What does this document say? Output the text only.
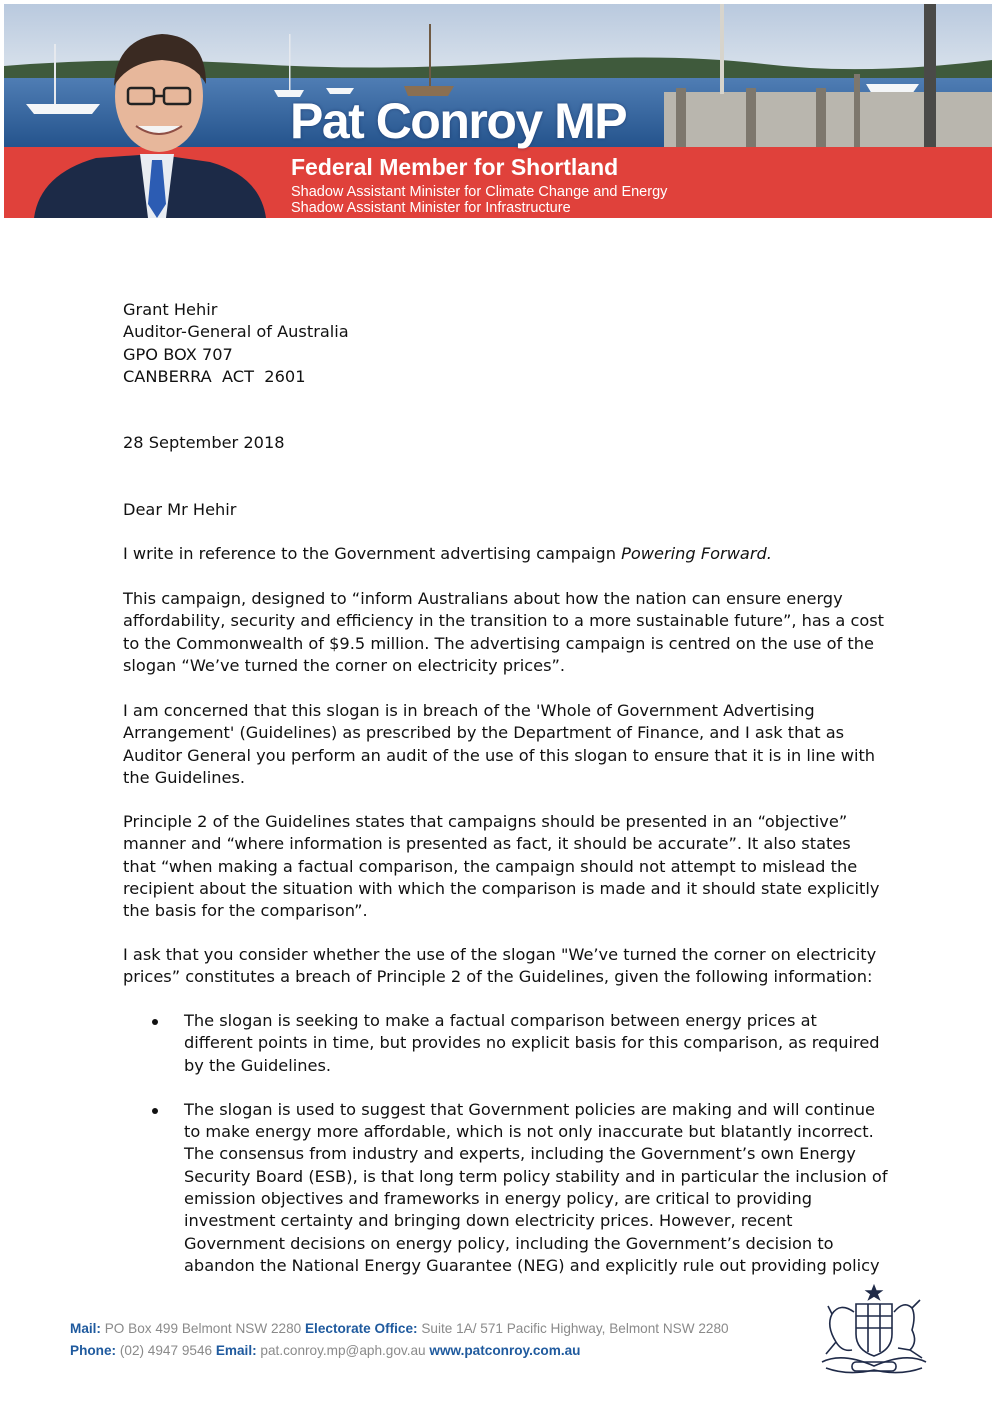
Pat Conroy MP
Federal Member for Shortland
Shadow Assistant Minister for Climate Change and Energy
Shadow Assistant Minister for Infrastructure
Grant Hehir
Auditor-General of Australia
GPO BOX 707
CANBERRA  ACT  2601
28 September 2018
Dear Mr Hehir

I write in reference to the Government advertising campaign Powering Forward.

This campaign, designed to “inform Australians about how the nation can ensure energy affordability, security and efficiency in the transition to a more sustainable future”, has a cost to the Commonwealth of $9.5 million. The advertising campaign is centred on the use of the slogan “We’ve turned the corner on electricity prices”.

I am concerned that this slogan is in breach of the 'Whole of Government Advertising Arrangement' (Guidelines) as prescribed by the Department of Finance, and I ask that as Auditor General you perform an audit of the use of this slogan to ensure that it is in line with the Guidelines.

Principle 2 of the Guidelines states that campaigns should be presented in an “objective” manner and “where information is presented as fact, it should be accurate”. It also states that “when making a factual comparison, the campaign should not attempt to mislead the recipient about the situation with which the comparison is made and it should state explicitly the basis for the comparison”.

I ask that you consider whether the use of the slogan "We’ve turned the corner on electricity prices” constitutes a breach of Principle 2 of the Guidelines, given the following information:

The slogan is seeking to make a factual comparison between energy prices at different points in time, but provides no explicit basis for this comparison, as required by the Guidelines.
The slogan is used to suggest that Government policies are making and will continue to make energy more affordable, which is not only inaccurate but blatantly incorrect. The consensus from industry and experts, including the Government’s own Energy Security Board (ESB), is that long term policy stability and in particular the inclusion of emission objectives and frameworks in energy policy, are critical to providing investment certainty and bringing down electricity prices. However, recent Government decisions on energy policy, including the Government’s decision to abandon the National Energy Guarantee (NEG) and explicitly rule out providing policy
Mail: PO Box 499 Belmont NSW 2280 Electorate Office: Suite 1A/ 571 Pacific Highway, Belmont NSW 2280
Phone: (02) 4947 9546 Email: pat.conroy.mp@aph.gov.au www.patconroy.com.au
